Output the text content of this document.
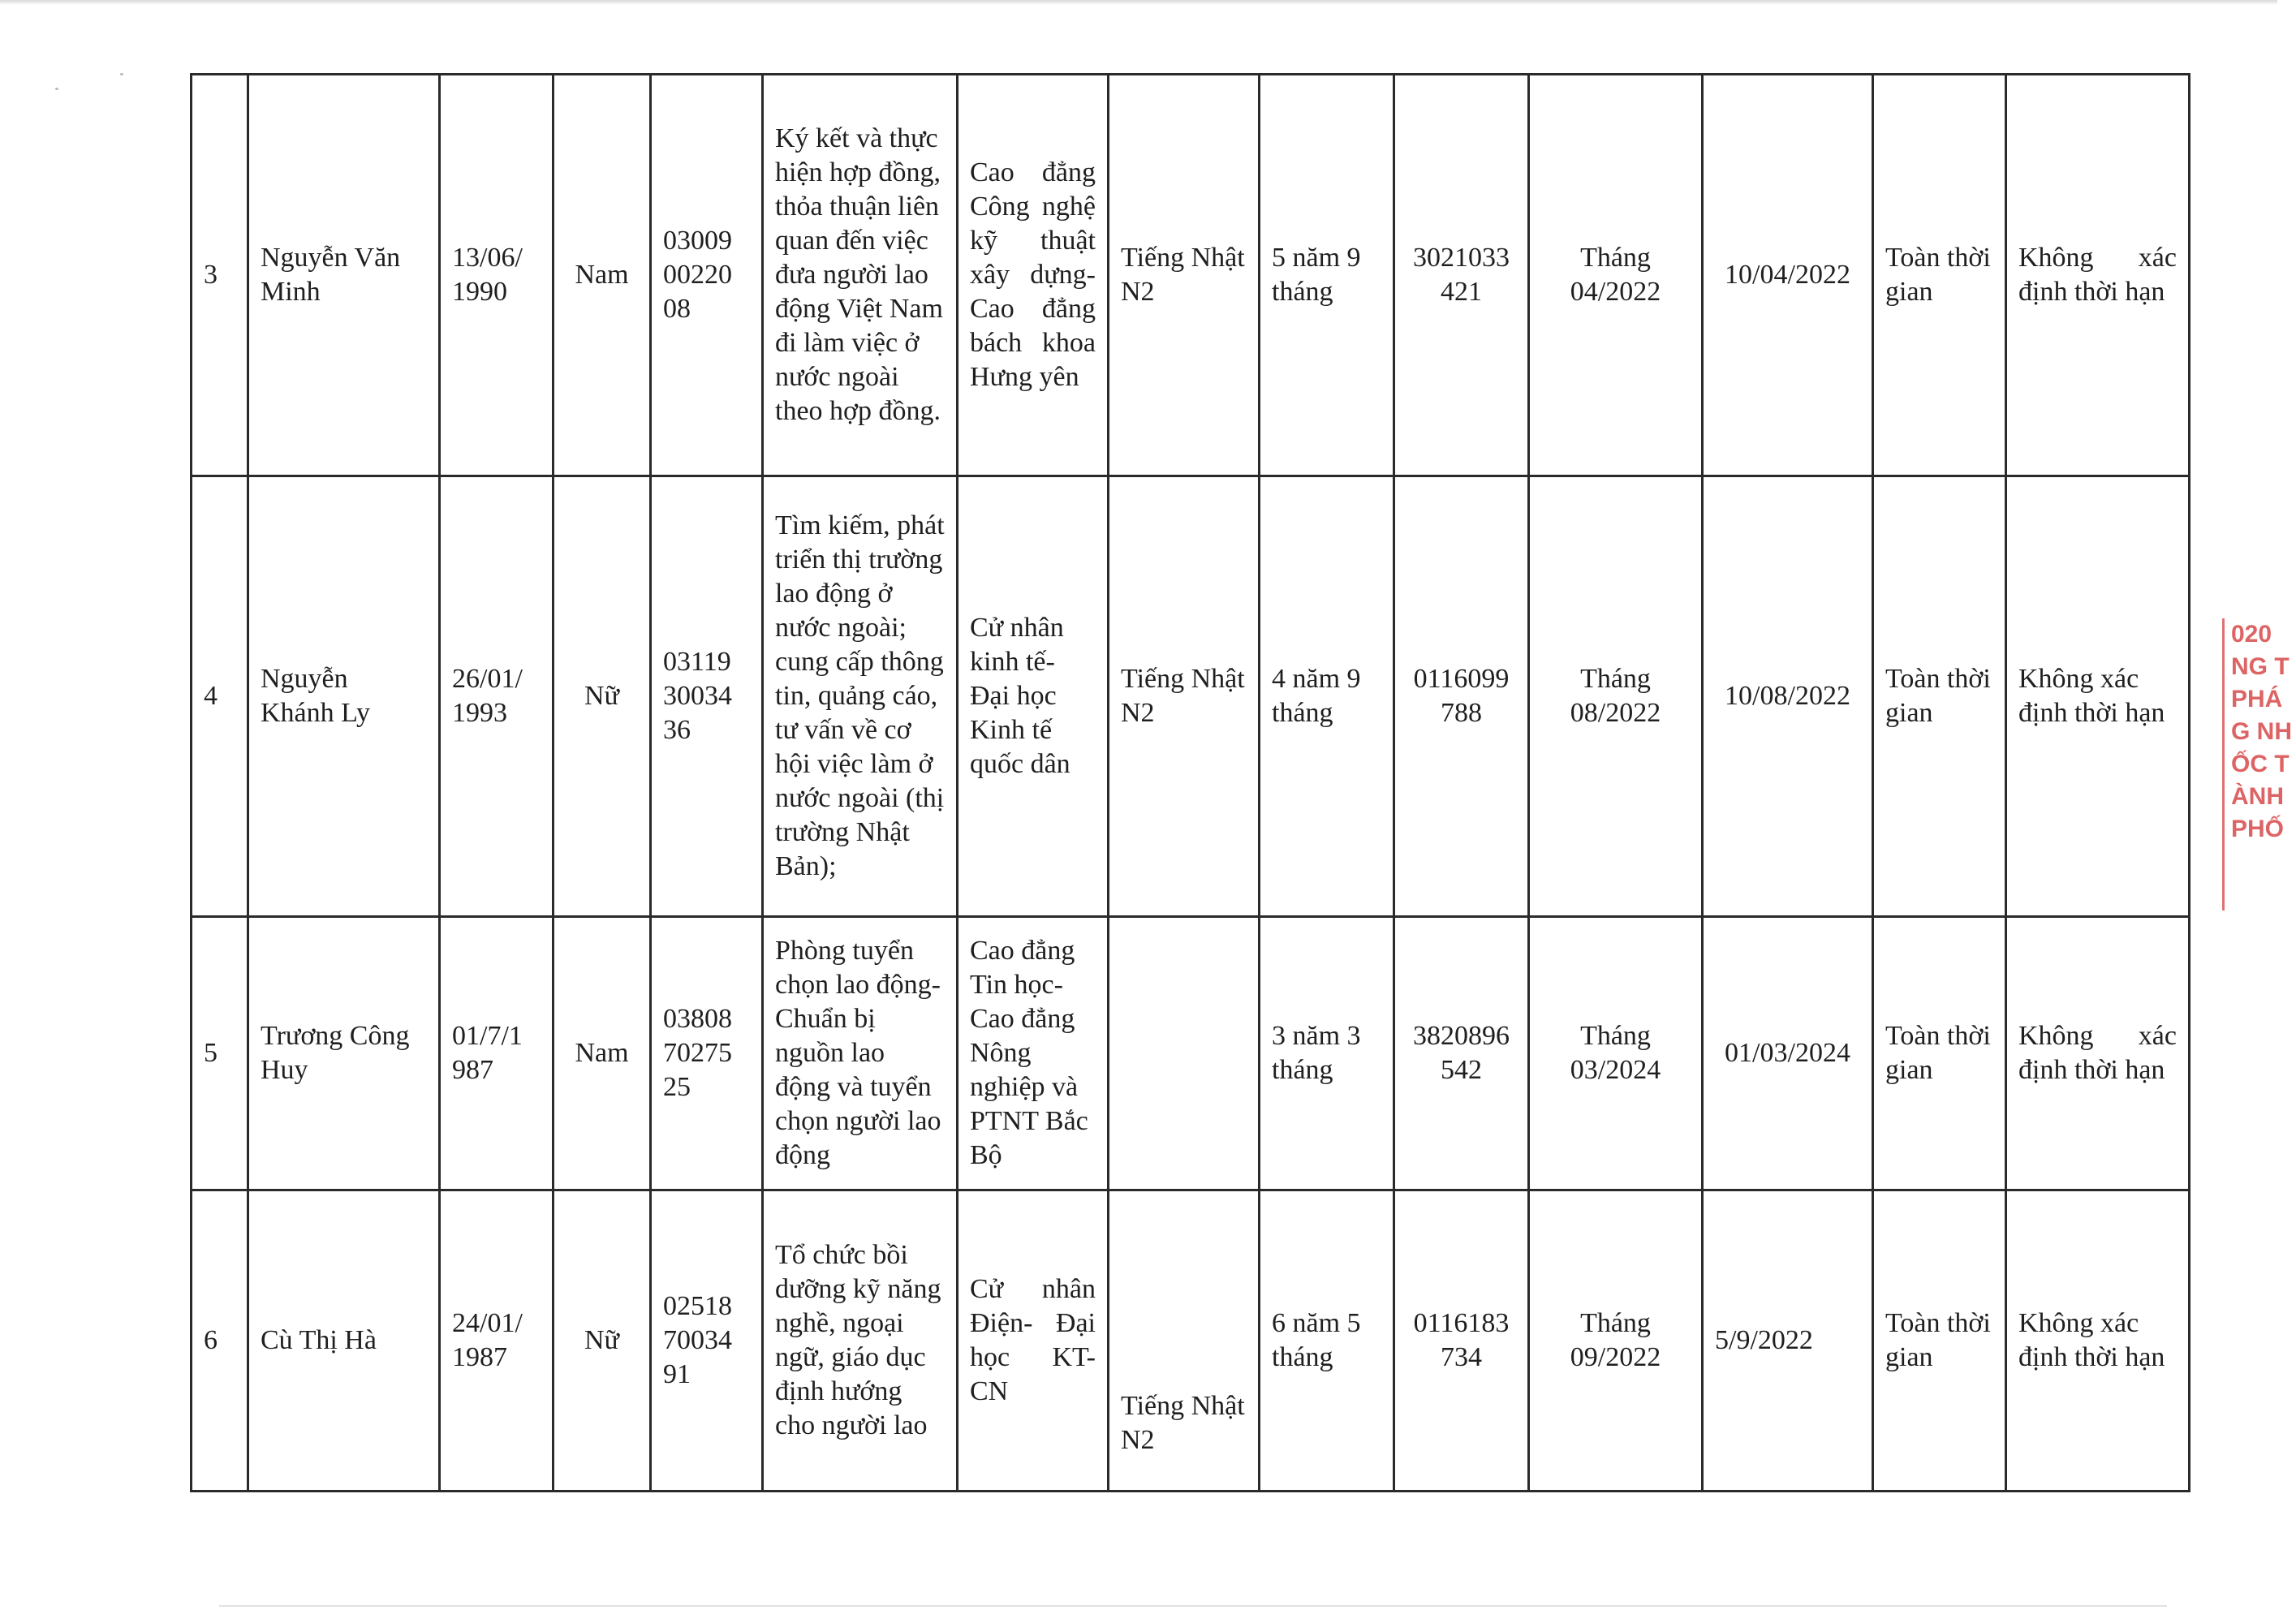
3	Nguyễn Văn Minh	13/06/ 1990	Nam	03009 00220 08	Ký kết và thực hiện hợp đồng, thỏa thuận liên quan đến việc đưa người lao động Việt Nam đi làm việc ở nước ngoài theo hợp đồng.	Cao đẳng Công nghệ kỹ thuật xây dựng- Cao đẳng bách khoa Hưng yên	Tiếng Nhật N2	5 năm 9 tháng	3021033 421	Tháng 04/2022	10/04/2022	Toàn thời gian	Không xác định thời hạn
4	Nguyễn Khánh Ly	26/01/ 1993	Nữ	03119 30034 36	Tìm kiếm, phát triển thị trường lao động ở nước ngoài; cung cấp thông tin, quảng cáo, tư vấn về cơ hội việc làm ở nước ngoài (thị trường Nhật Bản);	Cử nhân kinh tế- Đại học Kinh tế quốc dân	Tiếng Nhật N2	4 năm 9 tháng	0116099 788	Tháng 08/2022	10/08/2022	Toàn thời gian	Không xác định thời hạn
5	Trương Công Huy	01/7/1 987	Nam	03808 70275 25	Phòng tuyển chọn lao động-Chuẩn bị nguồn lao động và tuyển chọn người lao động	Cao đẳng Tin học- Cao đẳng Nông nghiệp và PTNT Bắc Bộ		3 năm 3 tháng	3820896 542	Tháng 03/2024	01/03/2024	Toàn thời gian	Không xác định thời hạn
6	Cù Thị Hà	24/01/ 1987	Nữ	02518 70034 91	Tổ chức bồi dưỡng kỹ năng nghề, ngoại ngữ, giáo dục định hướng cho người lao	Cử nhân Điện- Đại học KT-CN	Tiếng Nhật N2	6 năm 5 tháng	0116183 734	Tháng 09/2022	5/9/2022	Toàn thời gian	Không xác định thời hạn
020
NG T
PHÁ
G NH
ỐC T
ÀNH
PHỐ
